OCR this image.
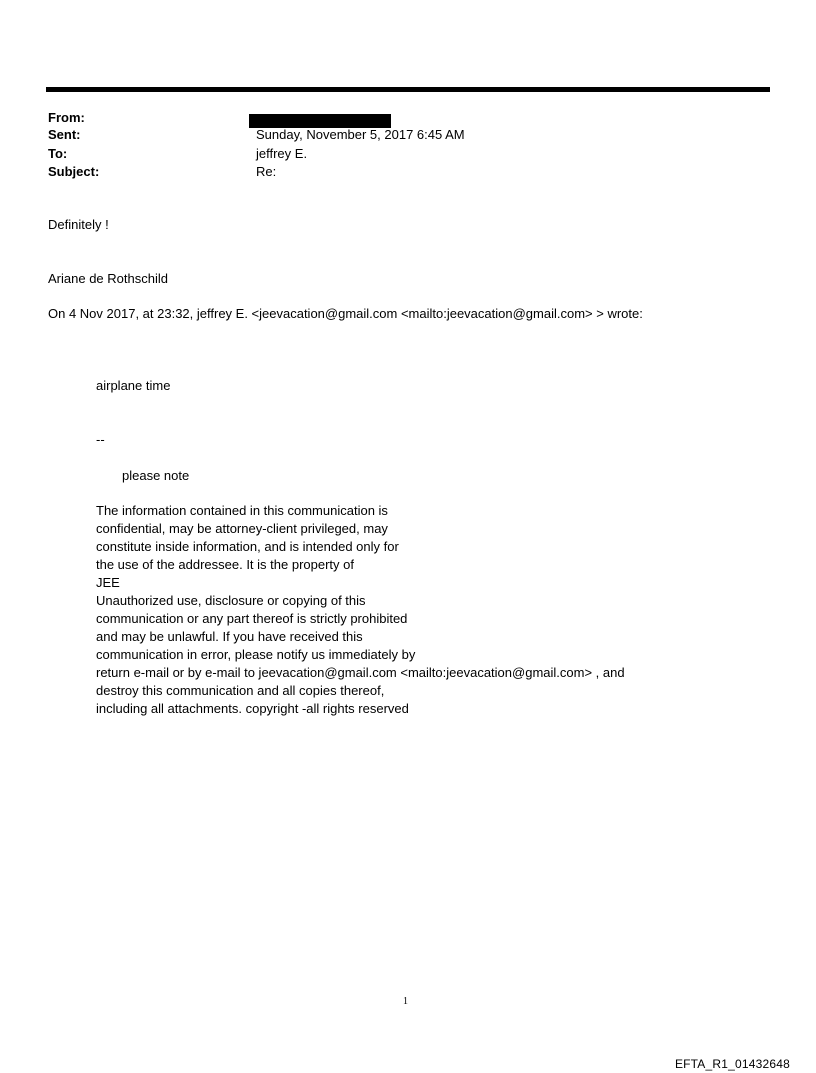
From:
Sent:
To:
Subject:
Sunday, November 5, 2017 6:45 AM
jeffrey E.
Re:
Definitely !
Ariane de Rothschild
On 4 Nov 2017, at 23:32, jeffrey E. <jeevacation@gmail.com <mailto:jeevacation@gmail.com> > wrote:
airplane time
--
please note
The information contained in this communication is
confidential, may be attorney-client privileged, may
constitute inside information, and is intended only for
the use of the addressee. It is the property of
JEE
Unauthorized use, disclosure or copying of this
communication or any part thereof is strictly prohibited
and may be unlawful. If you have received this
communication in error, please notify us immediately by
return e-mail or by e-mail to jeevacation@gmail.com <mailto:jeevacation@gmail.com> , and
destroy this communication and all copies thereof,
including all attachments. copyright -all rights reserved
1
EFTA_R1_01432648
